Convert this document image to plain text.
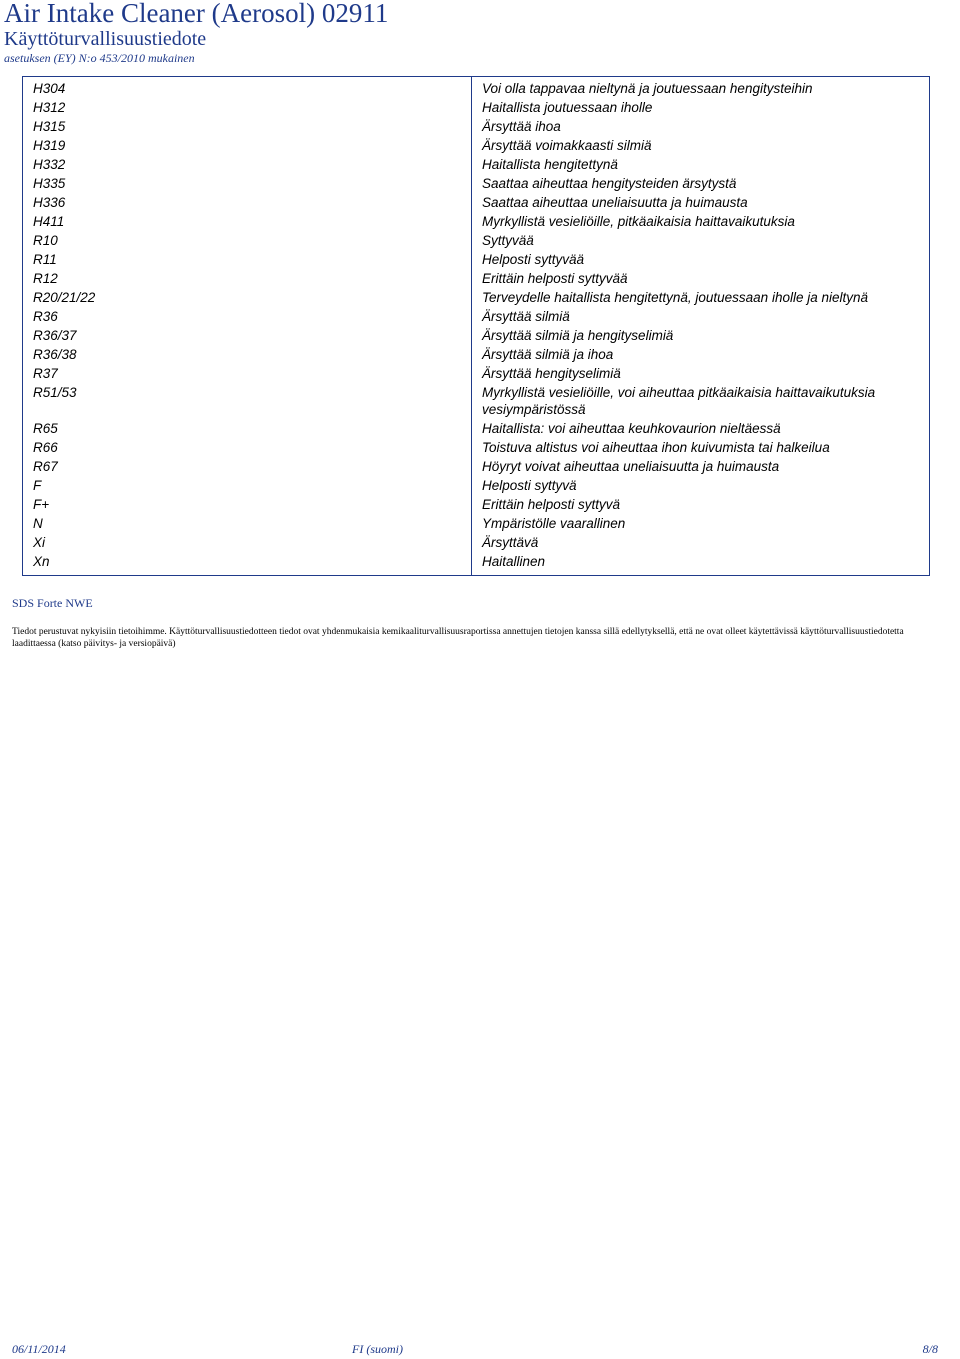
Air Intake Cleaner (Aerosol) 02911
Käyttöturvallisuustiedote
asetuksen (EY) N:o 453/2010 mukainen
H304	Voi olla tappavaa nieltynä ja joutuessaan hengitysteihin
H312	Haitallista joutuessaan iholle
H315	Ärsyttää ihoa
H319	Ärsyttää voimakkaasti silmiä
H332	Haitallista hengitettynä
H335	Saattaa aiheuttaa hengitysteiden ärsytystä
H336	Saattaa aiheuttaa uneliaisuutta ja huimausta
H411	Myrkyllistä vesieliöille, pitkäaikaisia haittavaikutuksia
R10	Syttyvää
R11	Helposti syttyvää
R12	Erittäin helposti syttyvää
R20/21/22	Terveydelle haitallista hengitettynä, joutuessaan iholle ja nieltynä
R36	Ärsyttää silmiä
R36/37	Ärsyttää silmiä ja hengityselimiä
R36/38	Ärsyttää silmiä ja ihoa
R37	Ärsyttää hengityselimiä
R51/53	Myrkyllistä vesieliöille, voi aiheuttaa pitkäaikaisia haittavaikutuksia vesiympäristössä
R65	Haitallista: voi aiheuttaa keuhkovaurion nieltäessä
R66	Toistuva altistus voi aiheuttaa ihon kuivumista tai halkeilua
R67	Höyryt voivat aiheuttaa uneliaisuutta ja huimausta
F	Helposti syttyvä
F+	Erittäin helposti syttyvä
N	Ympäristölle vaarallinen
Xi	Ärsyttävä
Xn	Haitallinen
SDS Forte NWE
Tiedot perustuvat nykyisiin tietoihimme. Käyttöturvallisuustiedotteen tiedot ovat yhdenmukaisia kemikaaliturvallisuusraportissa annettujen tietojen kanssa sillä edellytyksellä, että ne ovat olleet käytettävissä käyttöturvallisuustiedotetta laadittaessa (katso päivitys- ja versiopäivä)
06/11/2014	FI (suomi)	8/8
